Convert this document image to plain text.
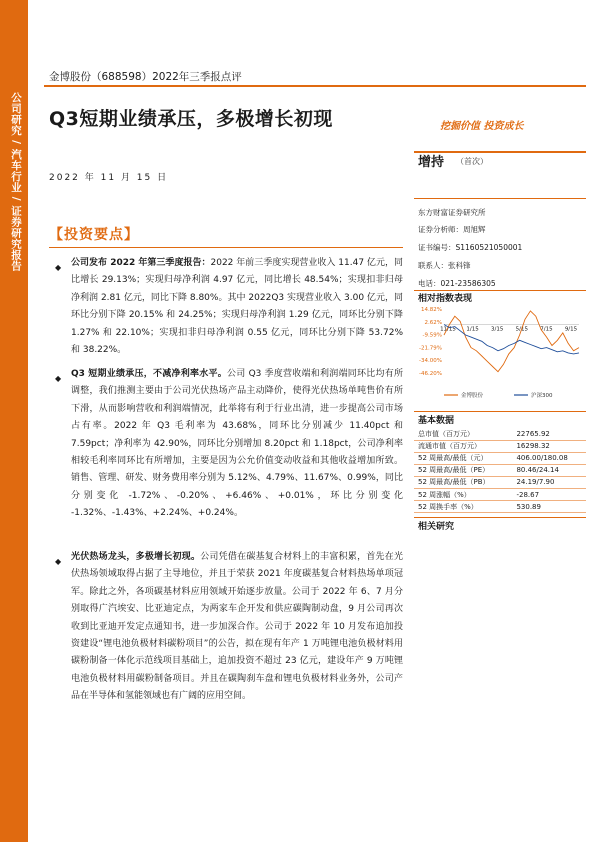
公司研究 / 汽车行业 / 证券研究报告
金博股份（688598）2022年三季报点评
Q3短期业绩承压，多极增长初现	挖掘价值 投资成长
2022 年 11 月 15 日
增持 （首次）
东方财富证券研究所
证券分析师：周旭辉
证书编号：S1160521050001
联系人：张科锋
电话：021-23586305
相对指数表现
14.82%
2.62%
-9.59%
-21.79%
-34.00%
-46.20%
11/15 1/15 3/15 5/15 7/15 9/15
金博股份	沪深300
基本数据
总市值（百万元）	22765.92
流通市值（百万元）	16298.32
52 周最高/最低（元）	406.00/180.08
52 周最高/最低（PE）	80.46/24.14
52 周最高/最低（PB）	24.19/7.90
52 周涨幅（%）	-28.67
52 周换手率（%）	530.89
相关研究
【投资要点】
◆	公司发布 2022 年第三季度报告：2022 年前三季度实现营业收入 11.47 亿元，同比增长 29.13%；实现归母净利润 4.97 亿元，同比增长 48.54%；实现扣非归母净利润 2.81 亿元，同比下降 8.80%。其中 2022Q3 实现营业收入 3.00 亿元，同环比分别下降 20.15% 和 24.25%；实现归母净利润 1.29 亿元，同环比分别下降 1.27% 和 22.10%；实现扣非归母净利润 0.55 亿元，同环比分别下降 53.72% 和 38.22%。
◆	Q3 短期业绩承压，不减净利率水平。公司 Q3 季度营收端和利润端同环比均有所调整，我们推测主要由于公司光伏热场产品主动降价，使得光伏热场单吨售价有所下滑，从而影响营收和利润端情况，此举将有利于行业出清，进一步提高公司市场占有率。2022 年 Q3 毛利率为 43.68%，同环比分别减少 11.40pct 和 7.59pct；净利率为 42.90%，同环比分别增加 8.20pct 和 1.18pct，公司净利率相较毛利率同环比有所增加，主要是因为公允价值变动收益和其他收益增加所致。销售、管理、研发、财务费用率分别为 5.12%、4.79%、11.67%、0.99%，同比分别变化 -1.72%、-0.20%、+6.46%、+0.01%，环比分别变化 -1.32%、-1.43%、+2.24%、+0.24%。
◆	光伏热场龙头，多极增长初现。公司凭借在碳基复合材料上的丰富积累，首先在光伏热场领域取得占据了主导地位，并且于荣获 2021 年度碳基复合材料热场单项冠军。除此之外，各项碳基材料应用领域开始逐步放量。公司于 2022 年 6、7 月分别取得广汽埃安、比亚迪定点，为两家车企开发和供应碳陶制动盘，9 月公司再次收到比亚迪开发定点通知书，进一步加深合作。公司于 2022 年 10 月发布追加投资建设“锂电池负极材料碳粉项目”的公告，拟在现有年产 1 万吨锂电池负极材料用碳粉制备一体化示范线项目基础上，追加投资不超过 23 亿元，建设年产 9 万吨锂电池负极材料用碳粉制备项目。并且在碳陶刹车盘和锂电负极材料业务外，公司产品在半导体和氢能领域也有广阔的应用空间。
